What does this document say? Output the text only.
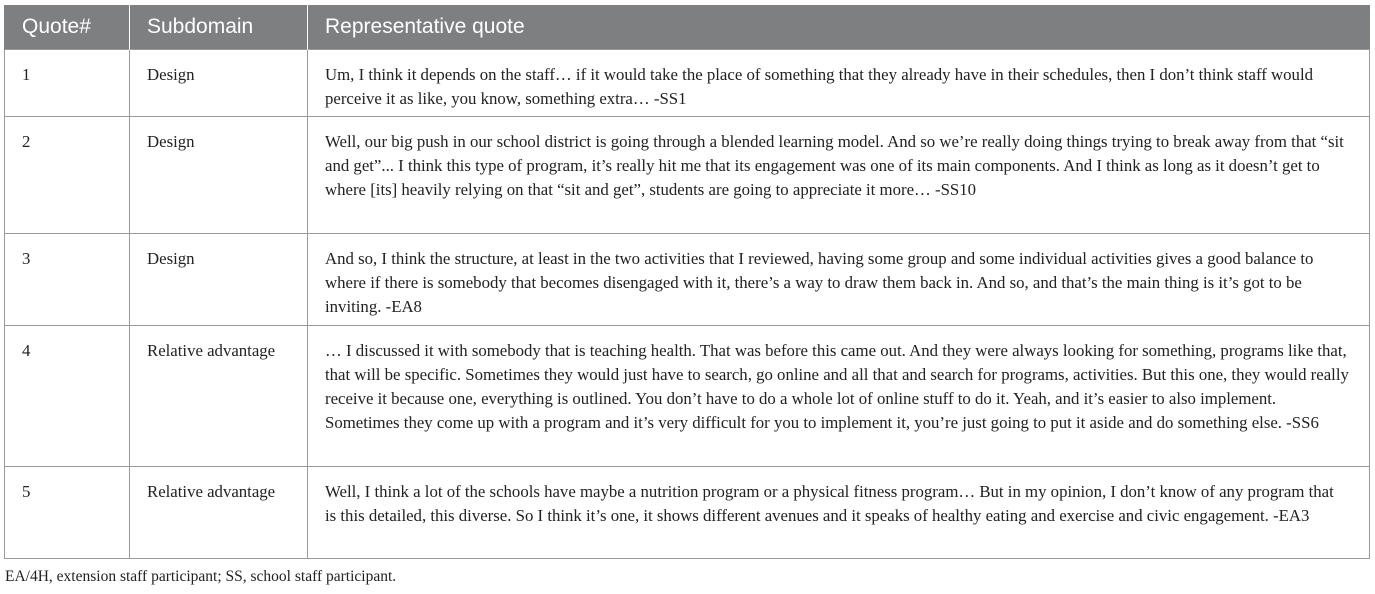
Quote#	Subdomain	Representative quote
1	Design	Um, I think it depends on the staff… if it would take the place of something that they already have in their schedules, then I don’t think staff would perceive it as like, you know, something extra… -SS1
2	Design	Well, our big push in our school district is going through a blended learning model. And so we’re really doing things trying to break away from that “sit and get”... I think this type of program, it’s really hit me that its engagement was one of its main components. And I think as long as it doesn’t get to where [its] heavily relying on that “sit and get”, students are going to appreciate it more… -SS10
3	Design	And so, I think the structure, at least in the two activities that I reviewed, having some group and some individual activities gives a good balance to where if there is somebody that becomes disengaged with it, there’s a way to draw them back in. And so, and that’s the main thing is it’s got to be inviting. -EA8
4	Relative advantage	… I discussed it with somebody that is teaching health. That was before this came out. And they were always looking for something, programs like that, that will be specific. Sometimes they would just have to search, go online and all that and search for programs, activities. But this one, they would really receive it because one, everything is outlined. You don’t have to do a whole lot of online stuff to do it. Yeah, and it’s easier to also implement. Sometimes they come up with a program and it’s very difficult for you to implement it, you’re just going to put it aside and do something else. -SS6
5	Relative advantage	Well, I think a lot of the schools have maybe a nutrition program or a physical fitness program… But in my opinion, I don’t know of any program that is this detailed, this diverse. So I think it’s one, it shows different avenues and it speaks of healthy eating and exercise and civic engagement. -EA3
EA/4H, extension staff participant; SS, school staff participant.
